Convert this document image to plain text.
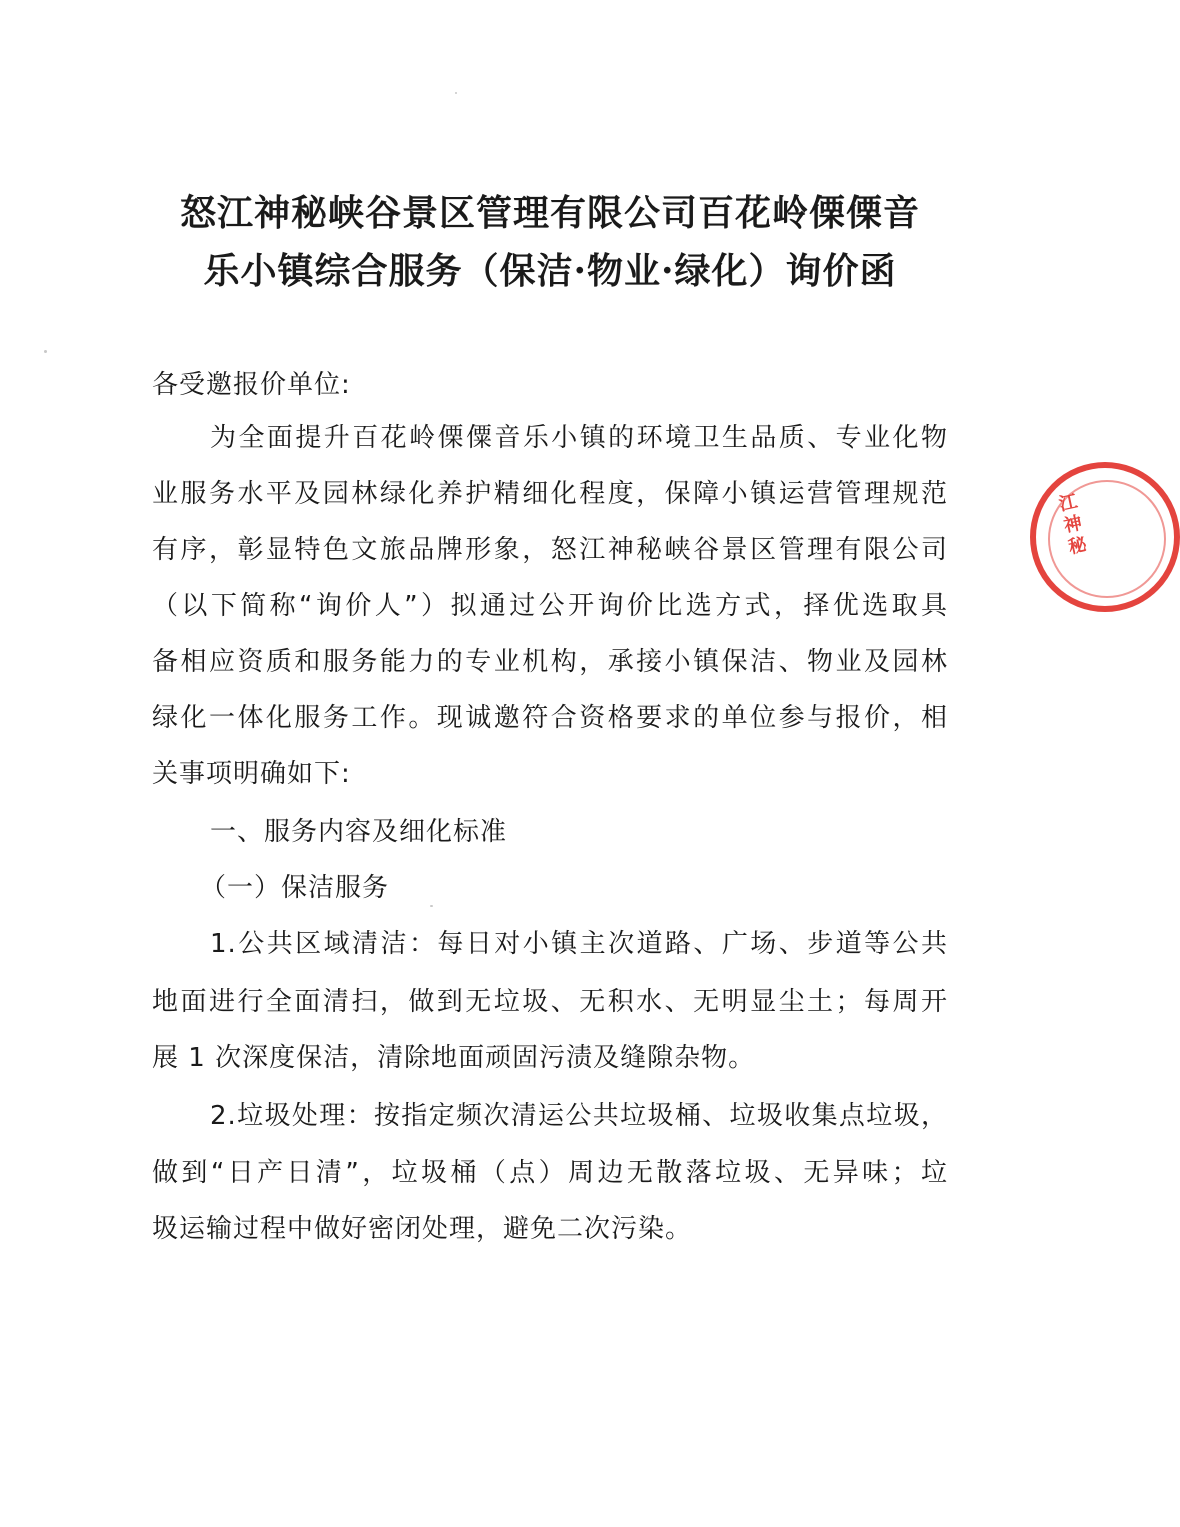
怒江神秘峡谷景区管理有限公司百花岭傈傈音
乐小镇综合服务（保洁·物业·绿化）询价函
各受邀报价单位:
为全面提升百花岭傈僳音乐小镇的环境卫生品质、专业化物
业服务水平及园林绿化养护精细化程度，保障小镇运营管理规范
有序，彰显特色文旅品牌形象，怒江神秘峡谷景区管理有限公司
（以下简称“询价人”）拟通过公开询价比选方式，择优选取具
备相应资质和服务能力的专业机构，承接小镇保洁、物业及园林
绿化一体化服务工作。现诚邀符合资格要求的单位参与报价，相
关事项明确如下:
一、服务内容及细化标准
（一）保洁服务
1.公共区域清洁：每日对小镇主次道路、广场、步道等公共
地面进行全面清扫，做到无垃圾、无积水、无明显尘土；每周开
展 1 次深度保洁，清除地面顽固污渍及缝隙杂物。
2.垃圾处理：按指定频次清运公共垃圾桶、垃圾收集点垃圾，
做到“日产日清”，垃圾桶（点）周边无散落垃圾、无异味；垃
圾运输过程中做好密闭处理，避免二次污染。
江神秘
